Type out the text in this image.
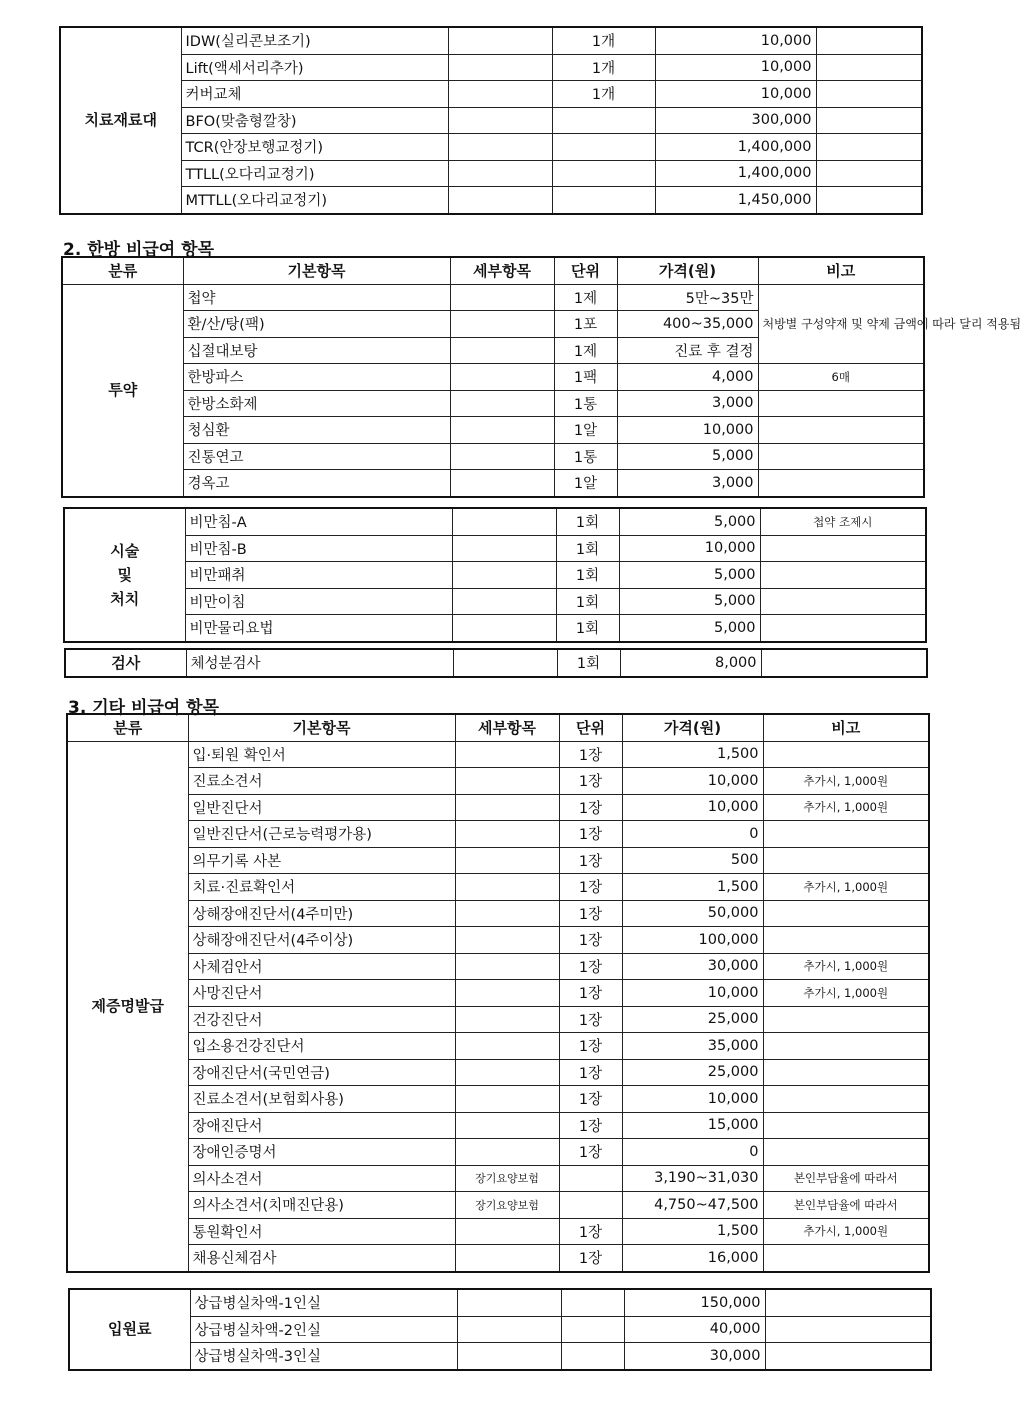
치료재료대	IDW(실리콘보조기)		1개	10,000	
	Lift(액세서리추가)		1개	10,000	
	커버교체		1개	10,000	
	BFO(맞춤형깔창)			300,000	
	TCR(안장보행교정기)			1,400,000	
	TTLL(오다리교정기)			1,400,000	
	MTTLL(오다리교정기)			1,450,000	
2. 한방 비급여 항목
분류	기본항목	세부항목	단위	가격(원)	비고
투약	첩약		1제	5만~35만	처방별 구성약재 및 약제 금액에 따라 달리 적용됨
	환/산/탕(팩)		1포	400~35,000	
	십절대보탕		1제	진료 후 결정	
	한방파스		1팩	4,000	6매
	한방소화제		1통	3,000	
	청심환		1알	10,000	
	진통연고		1통	5,000	
	경옥고		1알	3,000	
시술
및
처치	비만침-A		1회	5,000	첩약 조제시
	비만침-B		1회	10,000	
	비만패취		1회	5,000	
	비만이침		1회	5,000	
	비만물리요법		1회	5,000	
검사	체성분검사		1회	8,000	
3. 기타 비급여 항목
분류	기본항목	세부항목	단위	가격(원)	비고
제증명발급	입·퇴원 확인서		1장	1,500	
	진료소견서		1장	10,000	추가시, 1,000원
	일반진단서		1장	10,000	추가시, 1,000원
	일반진단서(근로능력평가용)		1장	0	
	의무기록 사본		1장	500	
	치료·진료확인서		1장	1,500	추가시, 1,000원
	상해장애진단서(4주미만)		1장	50,000	
	상해장애진단서(4주이상)		1장	100,000	
	사체검안서		1장	30,000	추가시, 1,000원
	사망진단서		1장	10,000	추가시, 1,000원
	건강진단서		1장	25,000	
	입소용건강진단서		1장	35,000	
	장애진단서(국민연금)		1장	25,000	
	진료소견서(보험회사용)		1장	10,000	
	장애진단서		1장	15,000	
	장애인증명서		1장	0	
	의사소견서	장기요양보험		3,190~31,030	본인부담율에 따라서
	의사소견서(치매진단용)	장기요양보험		4,750~47,500	본인부담율에 따라서
	통원확인서		1장	1,500	추가시, 1,000원
	채용신체검사		1장	16,000	
입원료	상급병실차액-1인실			150,000	
	상급병실차액-2인실			40,000	
	상급병실차액-3인실			30,000	
